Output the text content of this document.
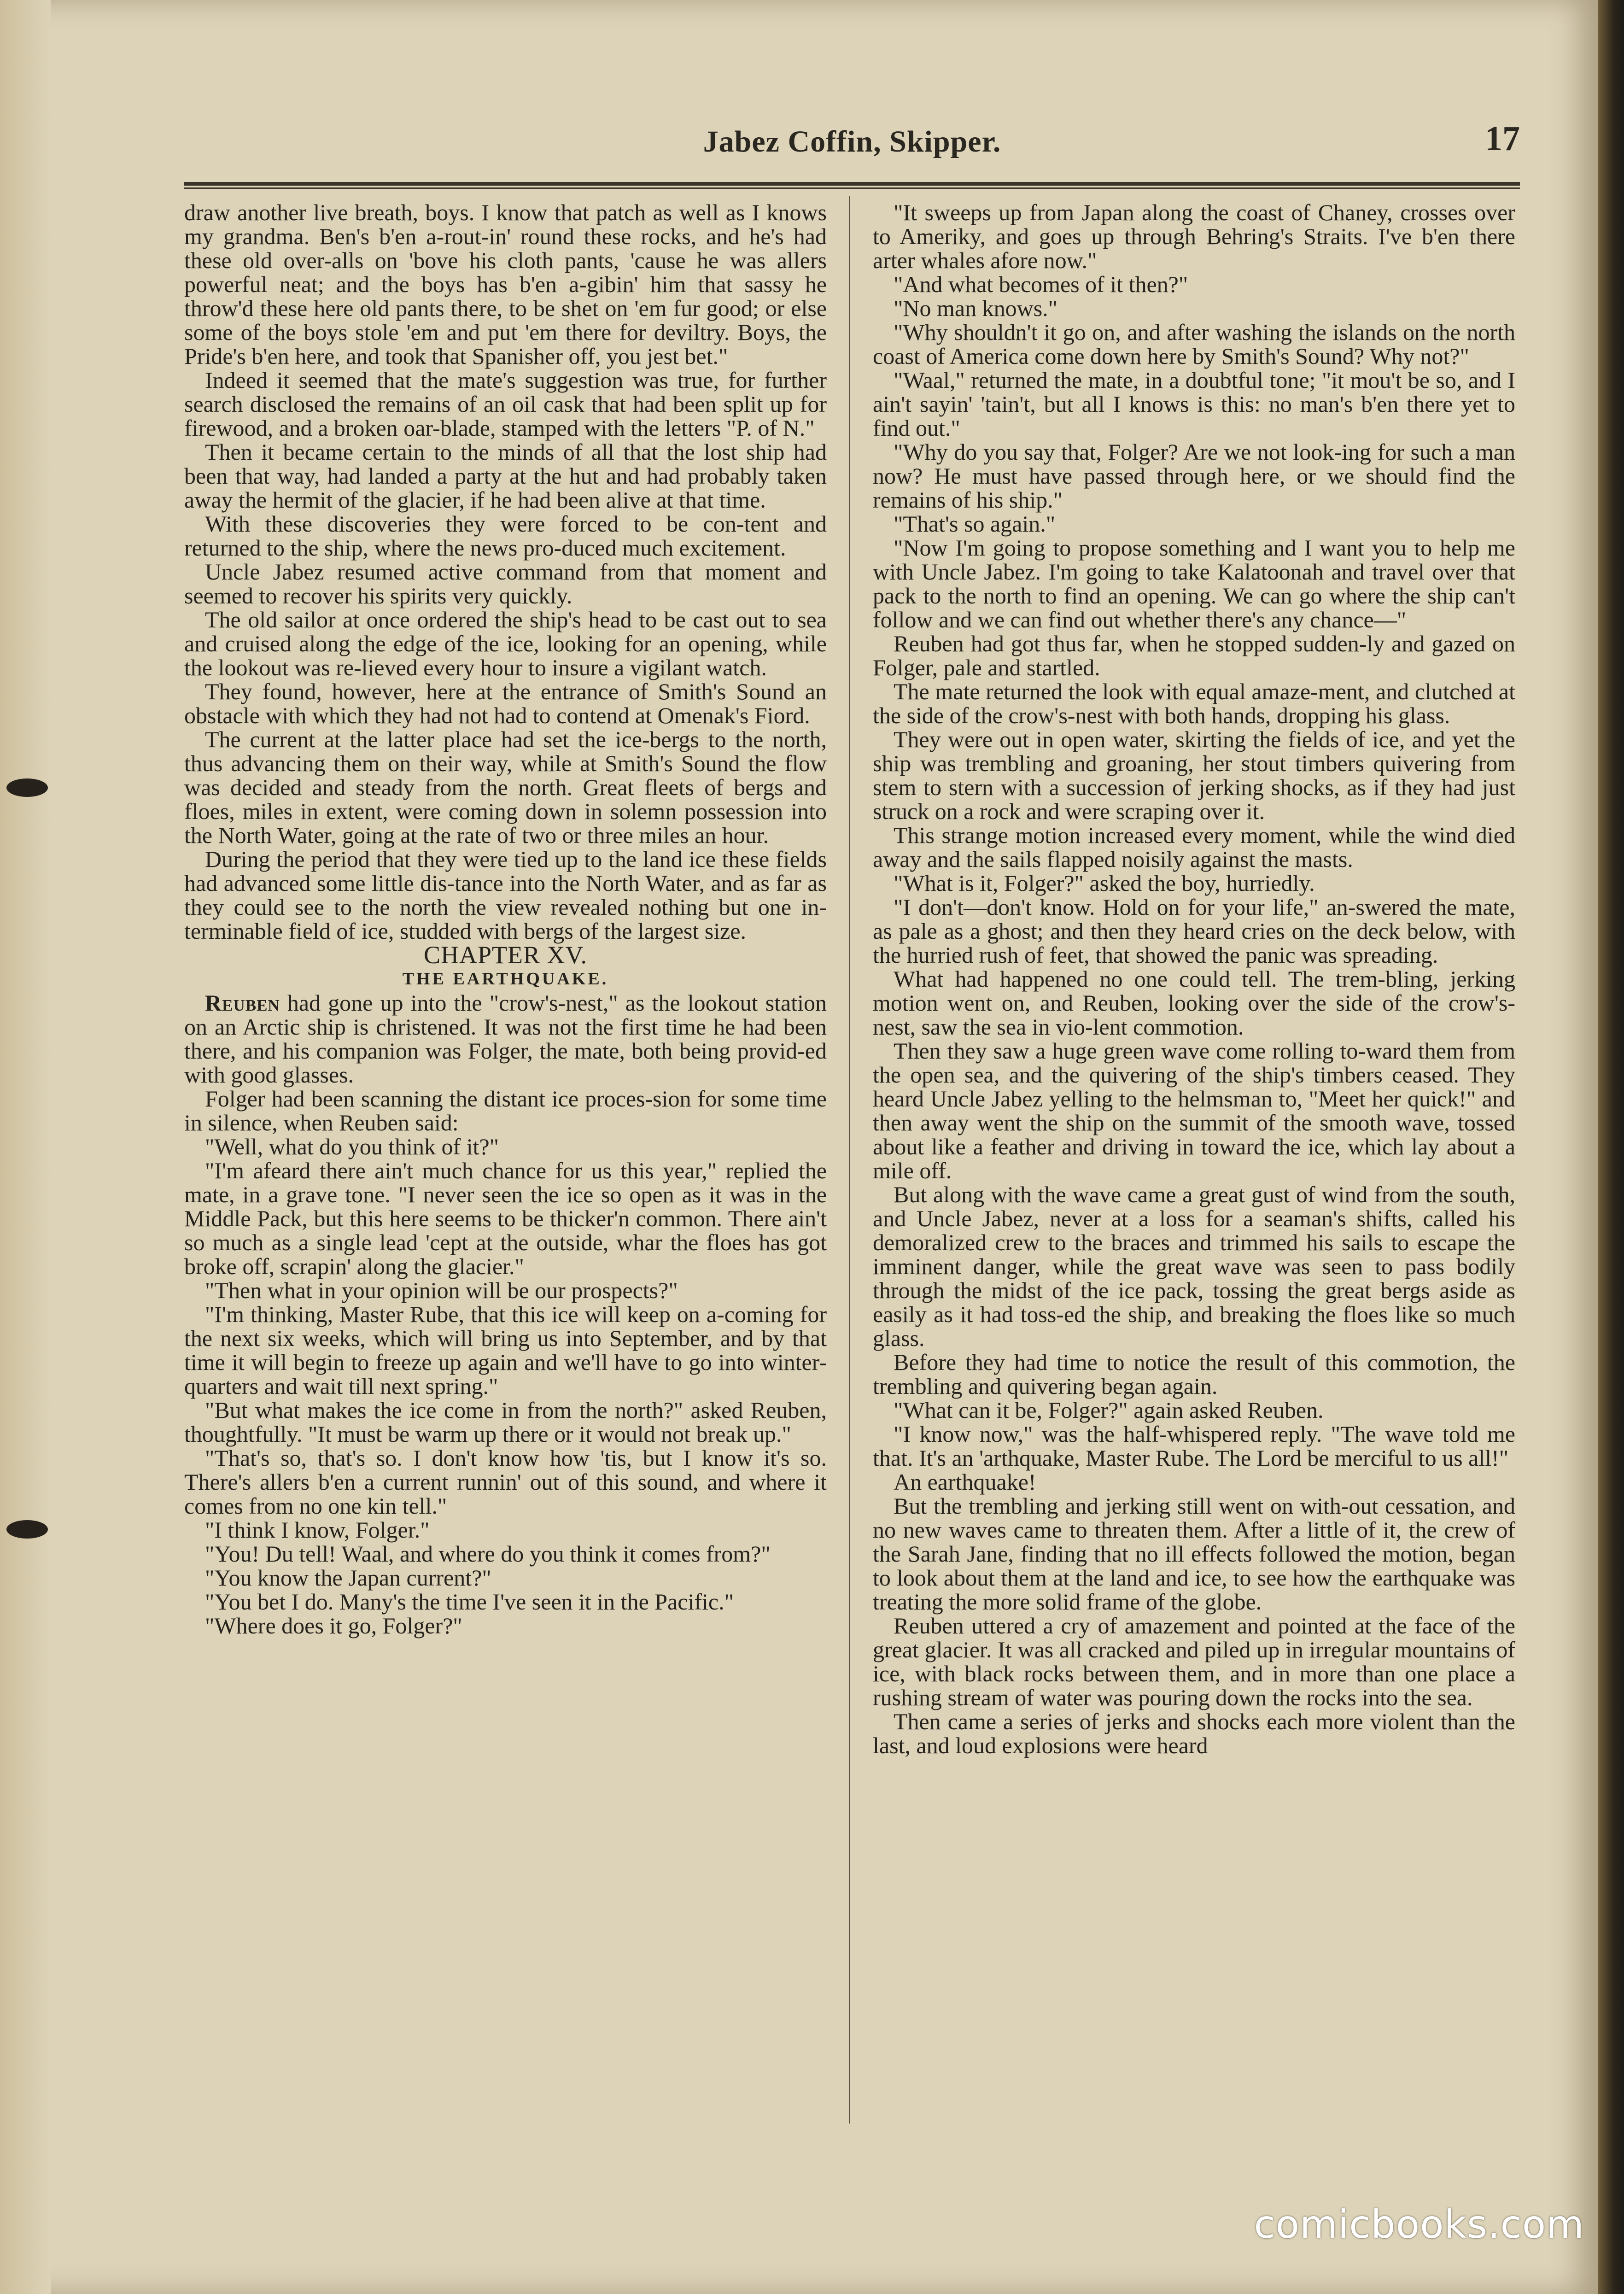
Jabez Coffin, Skipper.	17

draw another live breath, boys. I know that patch as well as I knows my grandma. Ben's b'en a-rout-in' round these rocks, and he's had these old over-alls on 'bove his cloth pants, 'cause he was allers powerful neat; and the boys has b'en a-gibin' him that sassy he throw'd these here old pants there, to be shet on 'em fur good; or else some of the boys stole 'em and put 'em there for deviltry. Boys, the Pride's b'en here, and took that Spanisher off, you jest bet."

Indeed it seemed that the mate's suggestion was true, for further search disclosed the remains of an oil cask that had been split up for firewood, and a broken oar-blade, stamped with the letters "P. of N."

Then it became certain to the minds of all that the lost ship had been that way, had landed a party at the hut and had probably taken away the hermit of the glacier, if he had been alive at that time.

With these discoveries they were forced to be con-tent and returned to the ship, where the news pro-duced much excitement.

Uncle Jabez resumed active command from that moment and seemed to recover his spirits very quickly.

The old sailor at once ordered the ship's head to be cast out to sea and cruised along the edge of the ice, looking for an opening, while the lookout was re-lieved every hour to insure a vigilant watch.

They found, however, here at the entrance of Smith's Sound an obstacle with which they had not had to contend at Omenak's Fiord.

The current at the latter place had set the ice-bergs to the north, thus advancing them on their way, while at Smith's Sound the flow was decided and steady from the north. Great fleets of bergs and floes, miles in extent, were coming down in solemn possession into the North Water, going at the rate of two or three miles an hour.

During the period that they were tied up to the land ice these fields had advanced some little dis-tance into the North Water, and as far as they could see to the north the view revealed nothing but one in-terminable field of ice, studded with bergs of the largest size.

CHAPTER XV.

THE EARTHQUAKE.

Reuben had gone up into the "crow's-nest," as the lookout station on an Arctic ship is christened. It was not the first time he had been there, and his companion was Folger, the mate, both being provid-ed with good glasses.

Folger had been scanning the distant ice proces-sion for some time in silence, when Reuben said:

"Well, what do you think of it?"

"I'm afeard there ain't much chance for us this year," replied the mate, in a grave tone. "I never seen the ice so open as it was in the Middle Pack, but this here seems to be thicker'n common. There ain't so much as a single lead 'cept at the outside, whar the floes has got broke off, scrapin' along the glacier."

"Then what in your opinion will be our prospects?"

"I'm thinking, Master Rube, that this ice will keep on a-coming for the next six weeks, which will bring us into September, and by that time it will begin to freeze up again and we'll have to go into winter-quarters and wait till next spring."

"But what makes the ice come in from the north?" asked Reuben, thoughtfully. "It must be warm up there or it would not break up."

"That's so, that's so. I don't know how 'tis, but I know it's so. There's allers b'en a current runnin' out of this sound, and where it comes from no one kin tell."

"I think I know, Folger."

"You! Du tell! Waal, and where do you think it comes from?"

"You know the Japan current?"

"You bet I do. Many's the time I've seen it in the Pacific."

"Where does it go, Folger?"

"It sweeps up from Japan along the coast of Chaney, crosses over to Ameriky, and goes up through Behring's Straits. I've b'en there arter whales afore now."

"And what becomes of it then?"

"No man knows."

"Why shouldn't it go on, and after washing the islands on the north coast of America come down here by Smith's Sound? Why not?"

"Waal," returned the mate, in a doubtful tone; "it mou't be so, and I ain't sayin' 'tain't, but all I knows is this: no man's b'en there yet to find out."

"Why do you say that, Folger? Are we not look-ing for such a man now? He must have passed through here, or we should find the remains of his ship."

"That's so again."

"Now I'm going to propose something and I want you to help me with Uncle Jabez. I'm going to take Kalatoonah and travel over that pack to the north to find an opening. We can go where the ship can't follow and we can find out whether there's any chance—"

Reuben had got thus far, when he stopped sudden-ly and gazed on Folger, pale and startled.

The mate returned the look with equal amaze-ment, and clutched at the side of the crow's-nest with both hands, dropping his glass.

They were out in open water, skirting the fields of ice, and yet the ship was trembling and groaning, her stout timbers quivering from stem to stern with a succession of jerking shocks, as if they had just struck on a rock and were scraping over it.

This strange motion increased every moment, while the wind died away and the sails flapped noisily against the masts.

"What is it, Folger?" asked the boy, hurriedly.

"I don't—don't know. Hold on for your life," an-swered the mate, as pale as a ghost; and then they heard cries on the deck below, with the hurried rush of feet, that showed the panic was spreading.

What had happened no one could tell. The trem-bling, jerking motion went on, and Reuben, looking over the side of the crow's-nest, saw the sea in vio-lent commotion.

Then they saw a huge green wave come rolling to-ward them from the open sea, and the quivering of the ship's timbers ceased. They heard Uncle Jabez yelling to the helmsman to, "Meet her quick!" and then away went the ship on the summit of the smooth wave, tossed about like a feather and driving in toward the ice, which lay about a mile off.

But along with the wave came a great gust of wind from the south, and Uncle Jabez, never at a loss for a seaman's shifts, called his demoralized crew to the braces and trimmed his sails to escape the imminent danger, while the great wave was seen to pass bodily through the midst of the ice pack, tossing the great bergs aside as easily as it had toss-ed the ship, and breaking the floes like so much glass.

Before they had time to notice the result of this commotion, the trembling and quivering began again.

"What can it be, Folger?" again asked Reuben.

"I know now," was the half-whispered reply. "The wave told me that. It's an 'arthquake, Master Rube. The Lord be merciful to us all!"

An earthquake!

But the trembling and jerking still went on with-out cessation, and no new waves came to threaten them. After a little of it, the crew of the Sarah Jane, finding that no ill effects followed the motion, began to look about them at the land and ice, to see how the earthquake was treating the more solid frame of the globe.

Reuben uttered a cry of amazement and pointed at the face of the great glacier. It was all cracked and piled up in irregular mountains of ice, with black rocks between them, and in more than one place a rushing stream of water was pouring down the rocks into the sea.

Then came a series of jerks and shocks each more violent than the last, and loud explosions were heard

comicbooks.com
